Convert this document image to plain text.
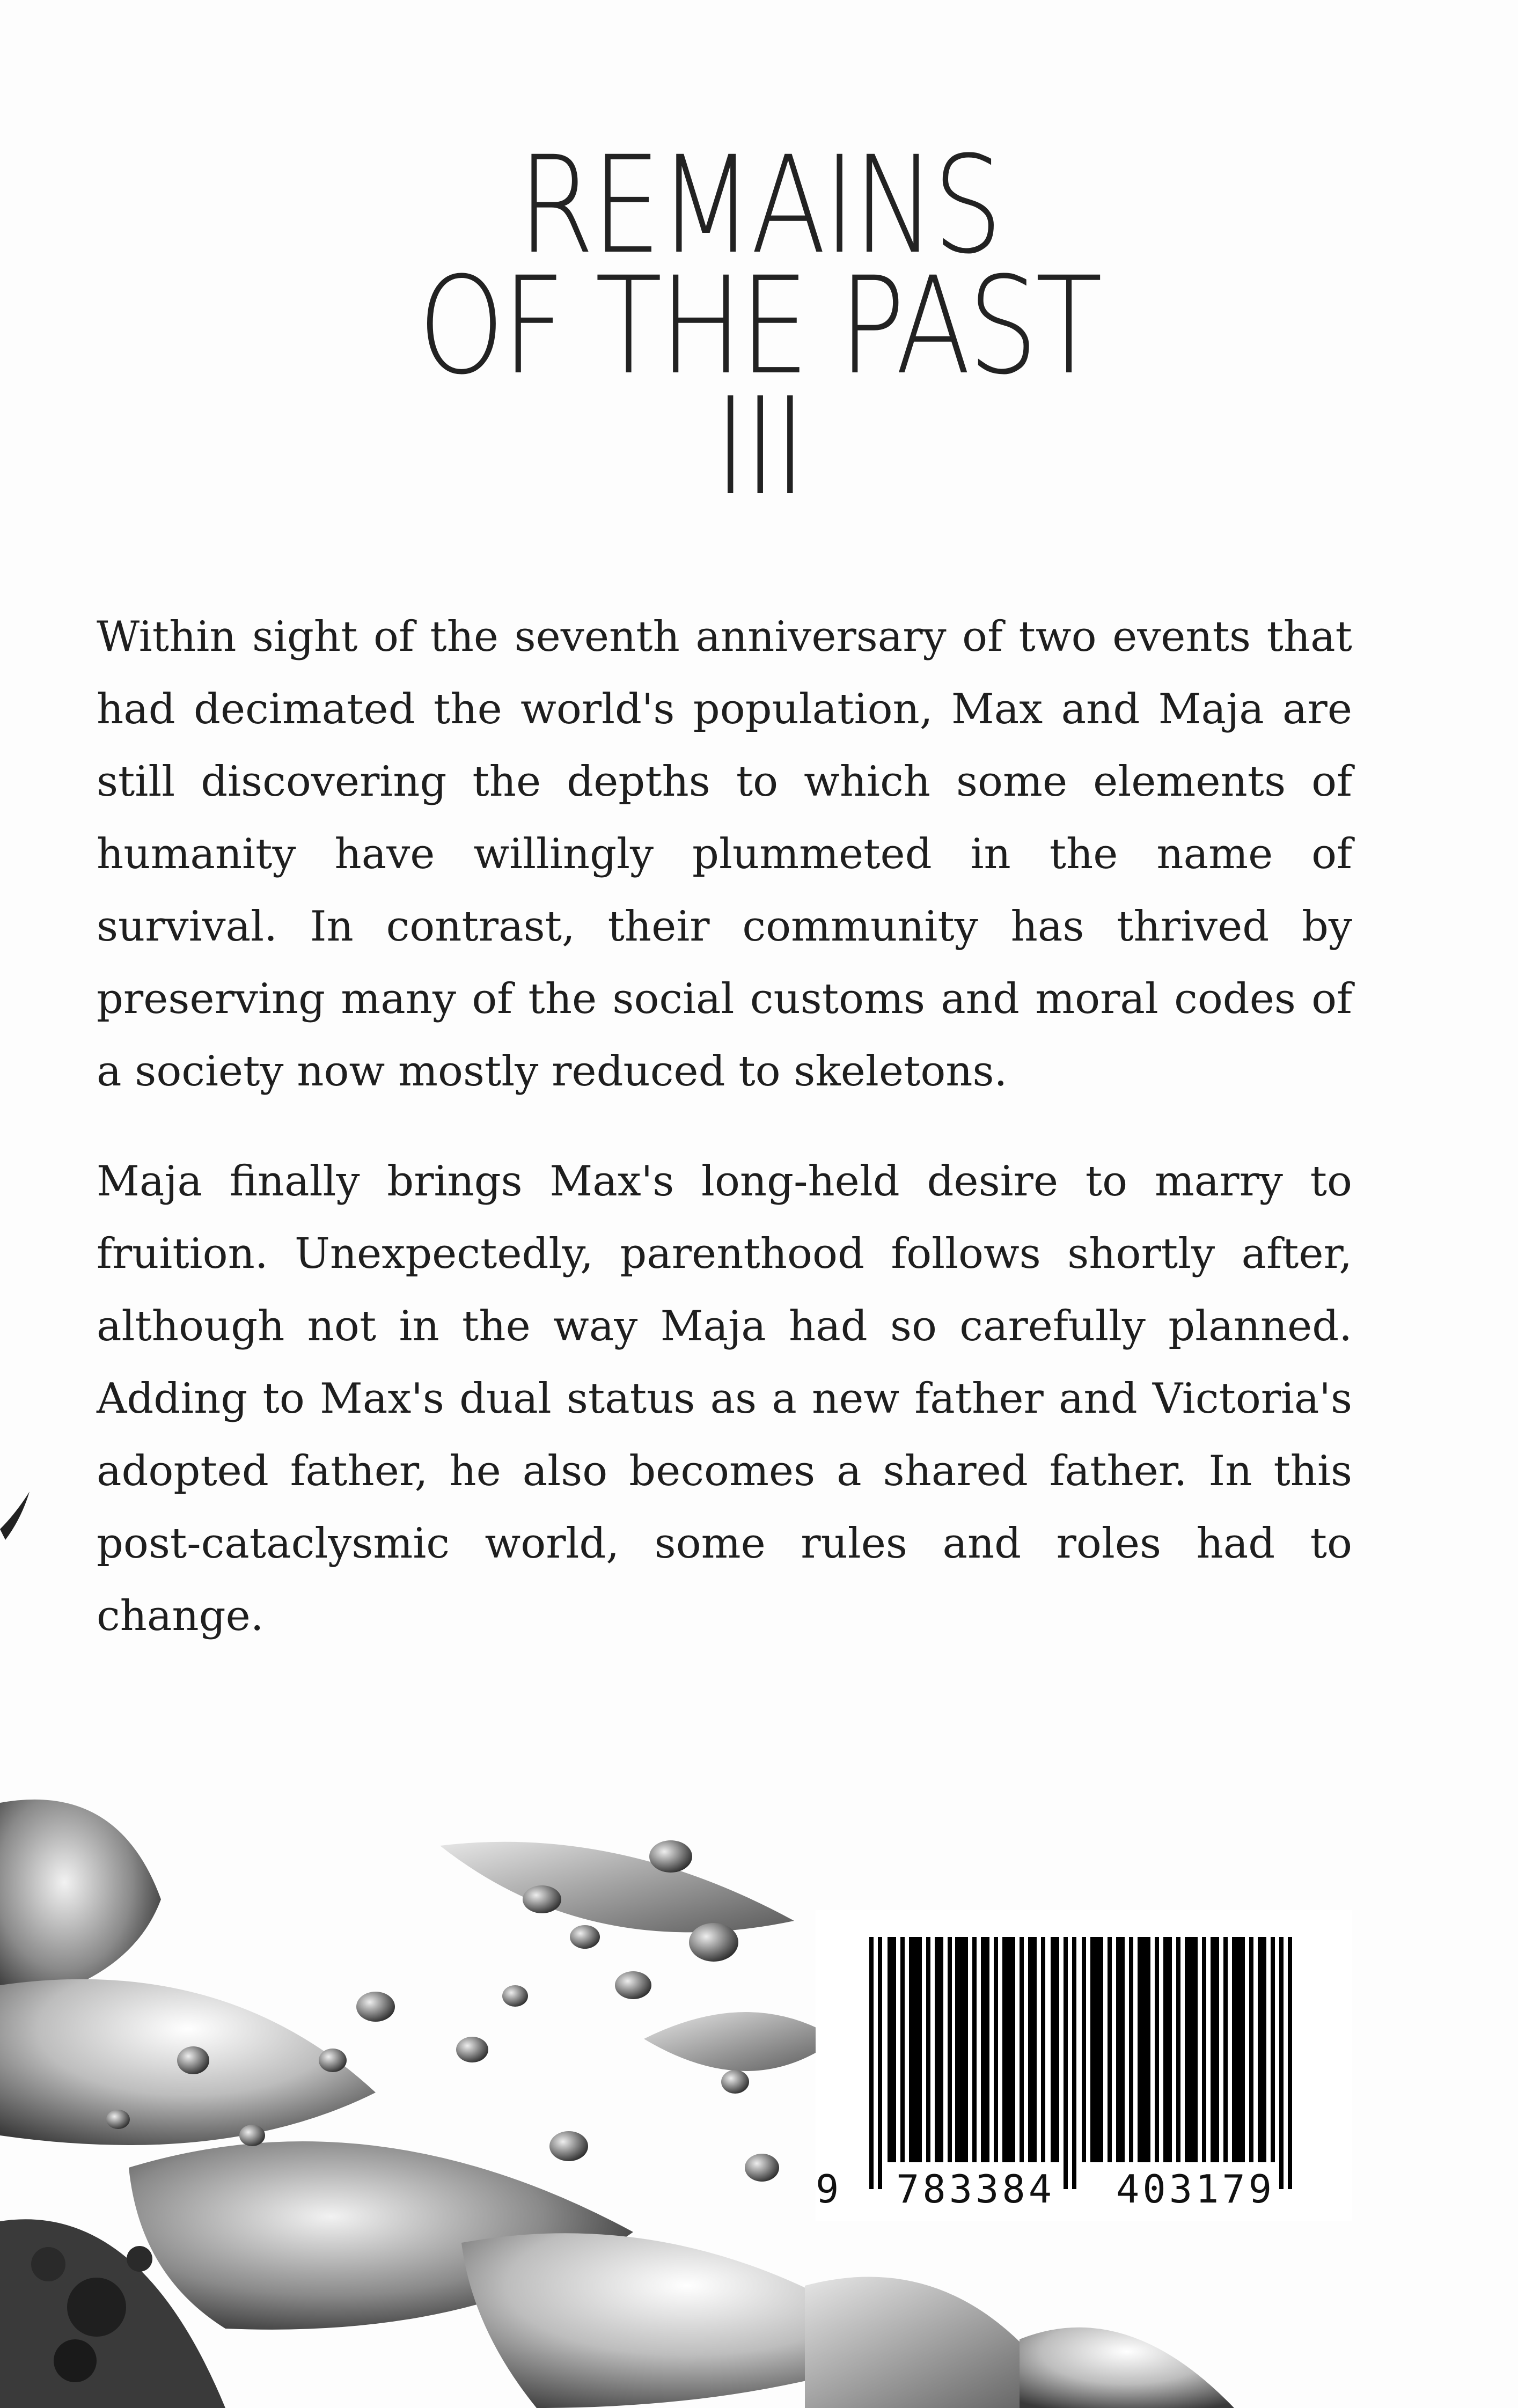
REMAINS
OF THE PAST
III

Within sight of the seventh anniversary of two events that had decimated the world's population, Max and Maja are still discovering the depths to which some elements of humanity have willingly plummeted in the name of survival. In contrast, their community has thrived by preserving many of the social customs and moral codes of a society now mostly reduced to skeletons.

Maja finally brings Max's long-held desire to marry to fruition. Unexpectedly, parenthood follows shortly after, although not in the way Maja had so carefully planned. Adding to Max's dual status as a new father and Victoria's adopted father, he also becomes a shared father. In this post-cataclysmic world, some rules and roles had to change.

9 783384 403179
